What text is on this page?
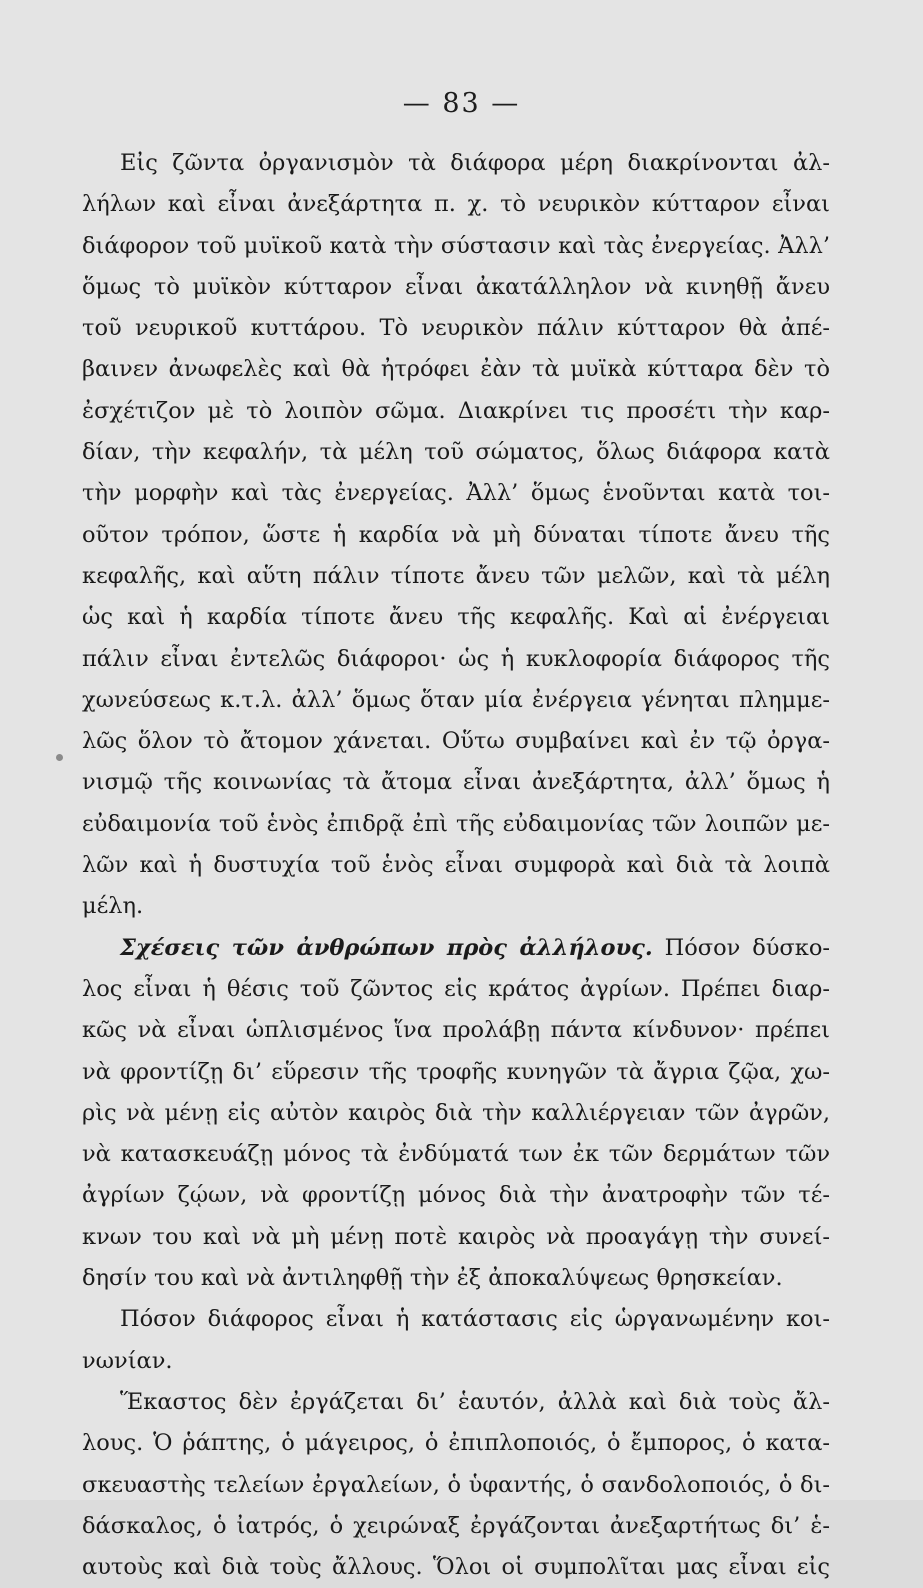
— 83 —
Εἰς ζῶντα ὀργανισμὸν τὰ διάφορα μέρη διακρίνονται ἀλ-
λήλων καὶ εἶναι ἀνεξάρτητα π. χ. τὸ νευρικὸν κύτταρον εἶναι
διάφορον τοῦ μυϊκοῦ κατὰ τὴν σύστασιν καὶ τὰς ἐνεργείας. Ἀλλ’
ὅμως τὸ μυϊκὸν κύτταρον εἶναι ἀκατάλληλον νὰ κινηθῇ ἄνευ
τοῦ νευρικοῦ κυττάρου. Τὸ νευρικὸν πάλιν κύτταρον θὰ ἀπέ-
βαινεν ἀνωφελὲς καὶ θὰ ἠτρόφει ἐὰν τὰ μυϊκὰ κύτταρα δὲν τὸ
ἐσχέτιζον μὲ τὸ λοιπὸν σῶμα. Διακρίνει τις προσέτι τὴν καρ-
δίαν, τὴν κεφαλήν, τὰ μέλη τοῦ σώματος, ὅλως διάφορα κατὰ
τὴν μορφὴν καὶ τὰς ἐνεργείας. Ἀλλ’ ὅμως ἑνοῦνται κατὰ τοι-
οῦτον τρόπον, ὥστε ἡ καρδία νὰ μὴ δύναται τίποτε ἄνευ τῆς
κεφαλῆς, καὶ αὕτη πάλιν τίποτε ἄνευ τῶν μελῶν, καὶ τὰ μέλη
ὡς καὶ ἡ καρδία τίποτε ἄνευ τῆς κεφαλῆς. Καὶ αἱ ἐνέργειαι
πάλιν εἶναι ἐντελῶς διάφοροι· ὡς ἡ κυκλοφορία διάφορος τῆς
χωνεύσεως κ.τ.λ. ἀλλ’ ὅμως ὅταν μία ἐνέργεια γένηται πλημμε-
λῶς ὅλον τὸ ἄτομον χάνεται. Οὕτω συμβαίνει καὶ ἐν τῷ ὀργα-
νισμῷ τῆς κοινωνίας τὰ ἄτομα εἶναι ἀνεξάρτητα, ἀλλ’ ὅμως ἡ
εὐδαιμονία τοῦ ἑνὸς ἐπιδρᾷ ἐπὶ τῆς εὐδαιμονίας τῶν λοιπῶν με-
λῶν καὶ ἡ δυστυχία τοῦ ἑνὸς εἶναι συμφορὰ καὶ διὰ τὰ λοιπὰ
μέλη.
Σχέσεις τῶν ἀνθρώπων πρὸς ἀλλήλους. Πόσον δύσκο-
λος εἶναι ἡ θέσις τοῦ ζῶντος εἰς κράτος ἀγρίων. Πρέπει διαρ-
κῶς νὰ εἶναι ὡπλισμένος ἵνα προλάβῃ πάντα κίνδυνον· πρέπει
νὰ φροντίζῃ δι’ εὕρεσιν τῆς τροφῆς κυνηγῶν τὰ ἄγρια ζῷα, χω-
ρὶς νὰ μένῃ εἰς αὐτὸν καιρὸς διὰ τὴν καλλιέργειαν τῶν ἀγρῶν,
νὰ κατασκευάζῃ μόνος τὰ ἐνδύματά των ἐκ τῶν δερμάτων τῶν
ἀγρίων ζῴων, νὰ φροντίζῃ μόνος διὰ τὴν ἀνατροφὴν τῶν τέ-
κνων του καὶ νὰ μὴ μένῃ ποτὲ καιρὸς νὰ προαγάγῃ τὴν συνεί-
δησίν του καὶ νὰ ἀντιληφθῇ τὴν ἐξ ἀποκαλύψεως θρησκείαν.
Πόσον διάφορος εἶναι ἡ κατάστασις εἰς ὡργανωμένην κοι-
νωνίαν.
Ἕκαστος δὲν ἐργάζεται δι’ ἑαυτόν, ἀλλὰ καὶ διὰ τοὺς ἄλ-
λους. Ὁ ῥάπτης, ὁ μάγειρος, ὁ ἐπιπλοποιός, ὁ ἔμπορος, ὁ κατα-
σκευαστὴς τελείων ἐργαλείων, ὁ ὑφαντής, ὁ σανδολοποιός, ὁ δι-
δάσκαλος, ὁ ἰατρός, ὁ χειρώναξ ἐργάζονται ἀνεξαρτήτως δι’ ἑ-
αυτοὺς καὶ διὰ τοὺς ἄλλους. Ὅλοι οἱ συμπολῖται μας εἶναι εἰς
